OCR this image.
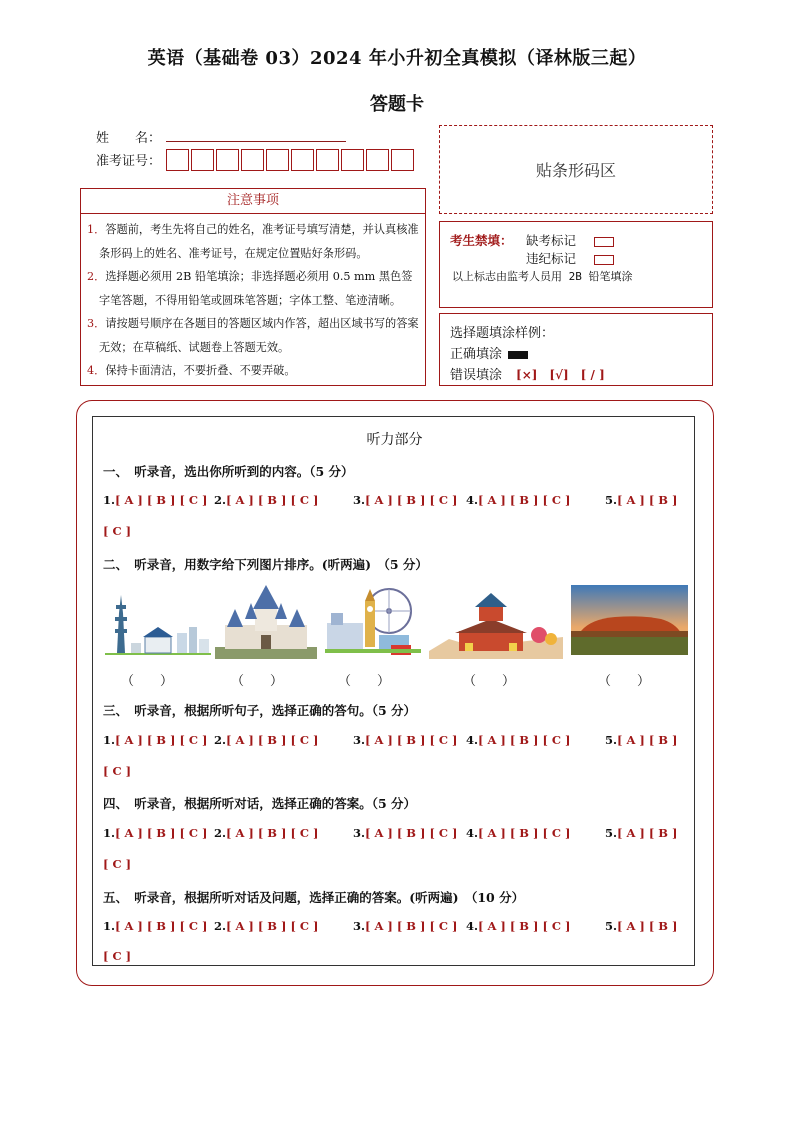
英语（基础卷 03）2024 年小升初全真模拟（译林版三起）
答题卡
姓　　名：
准考证号：	贴条形码区
注意事项
1．答题前，考生先将自己的姓名，准考证号填写清楚，并认真核准条形码上的姓名、准考证号，在规定位置贴好条形码。
2．选择题必须用 2B 铅笔填涂；非选择题必须用 0.5 mm 黑色签字笔答题，不得用铅笔或圆珠笔答题；字体工整、笔迹清晰。
3．请按题号顺序在各题目的答题区域内作答，超出区域书写的答案无效；在草稿纸、试题卷上答题无效。
4．保持卡面清洁，不要折叠、不要弄破。
考生禁填： 缺考标记
违纪标记
以上标志由监考人员用 2B 铅笔填涂
选择题填涂样例：
正确填涂
错误填涂 [×]　[√]　[ / ]
听力部分
一、　听录音，选出你所听到的内容。（5 分）
1.[ A ] [ B ] [ C ] 2.[ A ] [ B ] [ C ]	3.[ A ] [ B ] [ C ] 4.[ A ] [ B ] [ C ]	5.[ A ] [ B ]
[ C ]
二、　听录音，用数字给下列图片排序。(听两遍)　（5 分）
（　　）	（　　）	（　　）	（　　）	（　　）
三、　听录音，根据所听句子，选择正确的答句。（5 分）
1.[ A ] [ B ] [ C ] 2.[ A ] [ B ] [ C ]	3.[ A ] [ B ] [ C ] 4.[ A ] [ B ] [ C ]	5.[ A ] [ B ]
[ C ]
四、　听录音，根据所听对话，选择正确的答案。（5 分）
1.[ A ] [ B ] [ C ] 2.[ A ] [ B ] [ C ]	3.[ A ] [ B ] [ C ] 4.[ A ] [ B ] [ C ]	5.[ A ] [ B ]
[ C ]
五、　听录音，根据所听对话及问题，选择正确的答案。(听两遍)　（10 分）
1.[ A ] [ B ] [ C ] 2.[ A ] [ B ] [ C ]	3.[ A ] [ B ] [ C ] 4.[ A ] [ B ] [ C ]	5.[ A ] [ B ]
[ C ]
